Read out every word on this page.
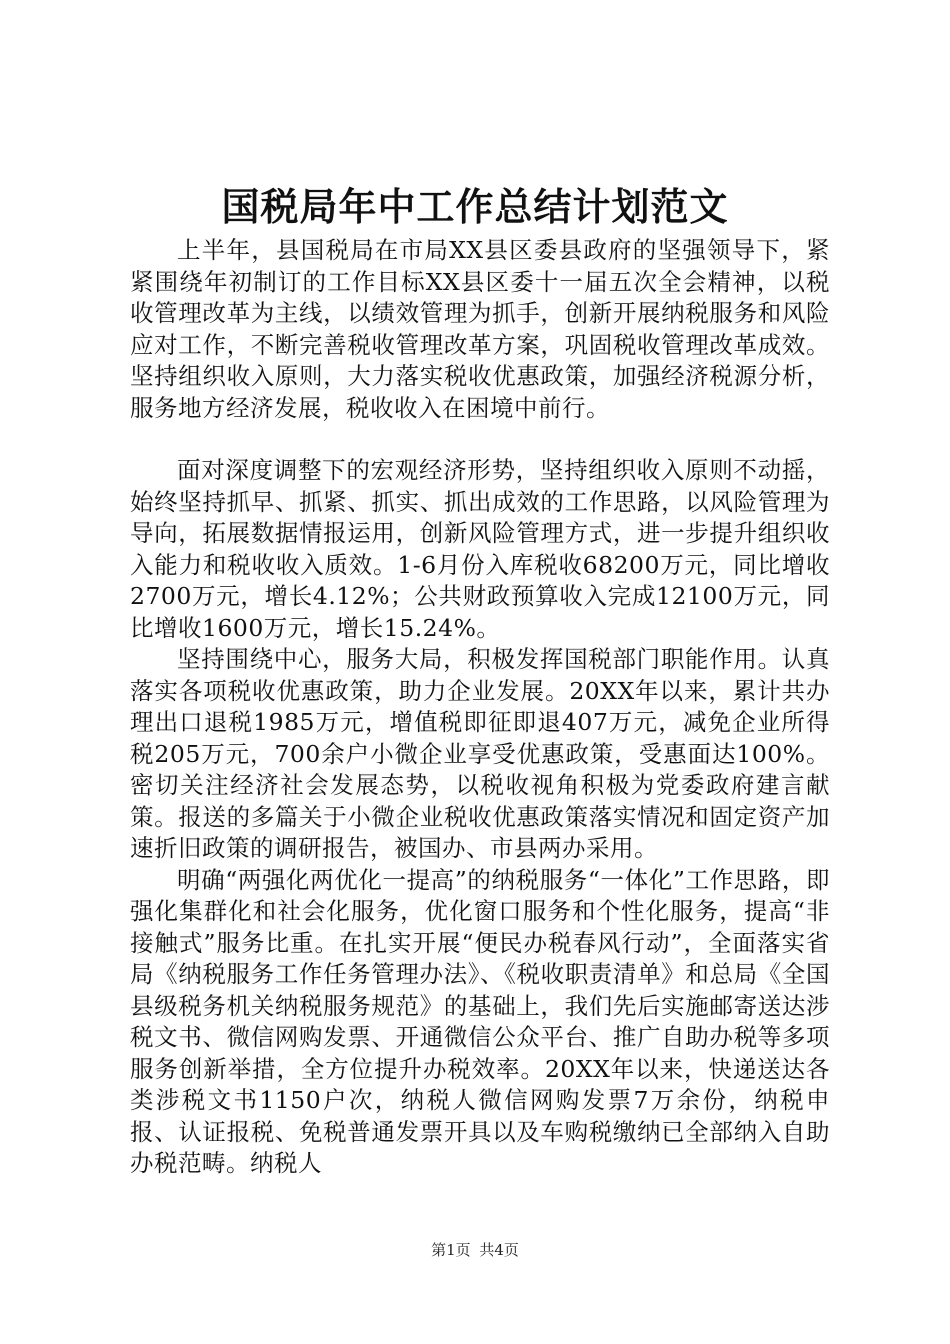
国税局年中工作总结计划范文

上半年，县国税局在市局XX县区委县政府的坚强领导下，紧紧围绕年初制订的工作目标XX县区委十一届五次全会精神，以税收管理改革为主线，以绩效管理为抓手，创新开展纳税服务和风险应对工作，不断完善税收管理改革方案，巩固税收管理改革成效。坚持组织收入原则，大力落实税收优惠政策，加强经济税源分析，服务地方经济发展，税收收入在困境中前行。

面对深度调整下的宏观经济形势，坚持组织收入原则不动摇，始终坚持抓早、抓紧、抓实、抓出成效的工作思路，以风险管理为导向，拓展数据情报运用，创新风险管理方式，进一步提升组织收入能力和税收收入质效。1-6月份入库税收68200万元，同比增收2700万元，增长4.12%；公共财政预算收入完成12100万元，同比增收1600万元，增长15.24%。

坚持围绕中心，服务大局，积极发挥国税部门职能作用。认真落实各项税收优惠政策，助力企业发展。20XX年以来，累计共办理出口退税1985万元，增值税即征即退407万元，减免企业所得税205万元，700余户小微企业享受优惠政策，受惠面达100%。密切关注经济社会发展态势，以税收视角积极为党委政府建言献策。报送的多篇关于小微企业税收优惠政策落实情况和固定资产加速折旧政策的调研报告，被国办、市县两办采用。

明确“两强化两优化一提高”的纳税服务“一体化”工作思路，即强化集群化和社会化服务，优化窗口服务和个性化服务，提高“非接触式”服务比重。在扎实开展“便民办税春风行动”，全面落实省局《纳税服务工作任务管理办法》、《税收职责清单》和总局《全国县级税务机关纳税服务规范》的基础上，我们先后实施邮寄送达涉税文书、微信网购发票、开通微信公众平台、推广自助办税等多项服务创新举措，全方位提升办税效率。20XX年以来，快递送达各类涉税文书1150户次，纳税人微信网购发票7万余份，纳税申报、认证报税、免税普通发票开具以及车购税缴纳已全部纳入自助办税范畴。纳税人

第1页 共4页
